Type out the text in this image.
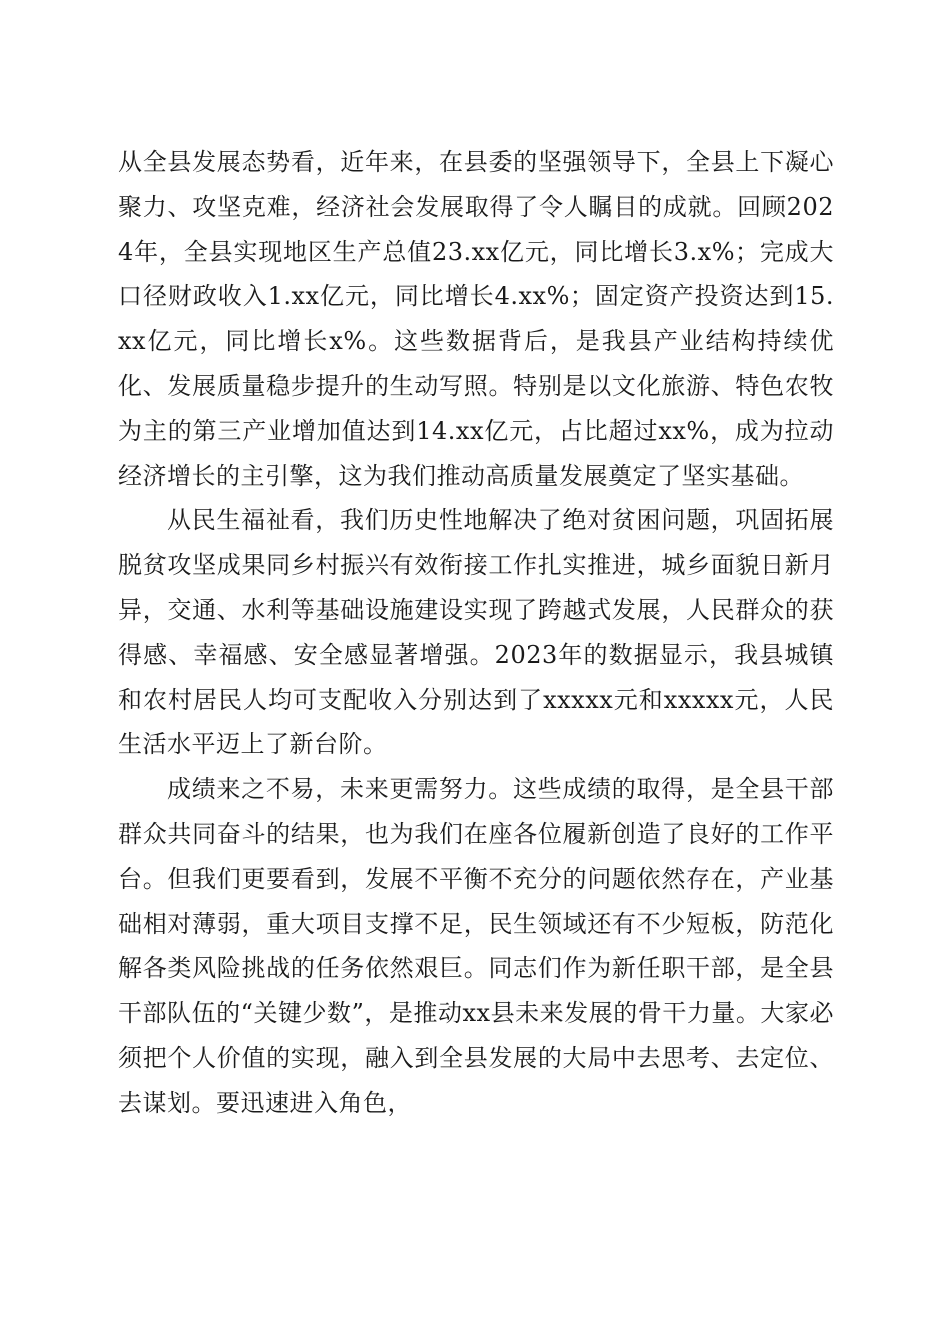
从全县发展态势看，近年来，在县委的坚强领导下，全县上下凝心聚力、攻坚克难，经济社会发展取得了令人瞩目的成就。回顾2024年，全县实现地区生产总值23.xx亿元，同比增长3.x%；完成大口径财政收入1.xx亿元，同比增长4.xx%；固定资产投资达到15.xx亿元，同比增长x%。这些数据背后，是我县产业结构持续优化、发展质量稳步提升的生动写照。特别是以文化旅游、特色农牧为主的第三产业增加值达到14.xx亿元，占比超过xx%，成为拉动经济增长的主引擎，这为我们推动高质量发展奠定了坚实基础。

从民生福祉看，我们历史性地解决了绝对贫困问题，巩固拓展脱贫攻坚成果同乡村振兴有效衔接工作扎实推进，城乡面貌日新月异，交通、水利等基础设施建设实现了跨越式发展，人民群众的获得感、幸福感、安全感显著增强。2023年的数据显示，我县城镇和农村居民人均可支配收入分别达到了xxxxx元和xxxxx元，人民生活水平迈上了新台阶。

成绩来之不易，未来更需努力。这些成绩的取得，是全县干部群众共同奋斗的结果，也为我们在座各位履新创造了良好的工作平台。但我们更要看到，发展不平衡不充分的问题依然存在，产业基础相对薄弱，重大项目支撑不足，民生领域还有不少短板，防范化解各类风险挑战的任务依然艰巨。同志们作为新任职干部，是全县干部队伍的“关键少数”，是推动xx县未来发展的骨干力量。大家必须把个人价值的实现，融入到全县发展的大局中去思考、去定位、去谋划。要迅速进入角色，
